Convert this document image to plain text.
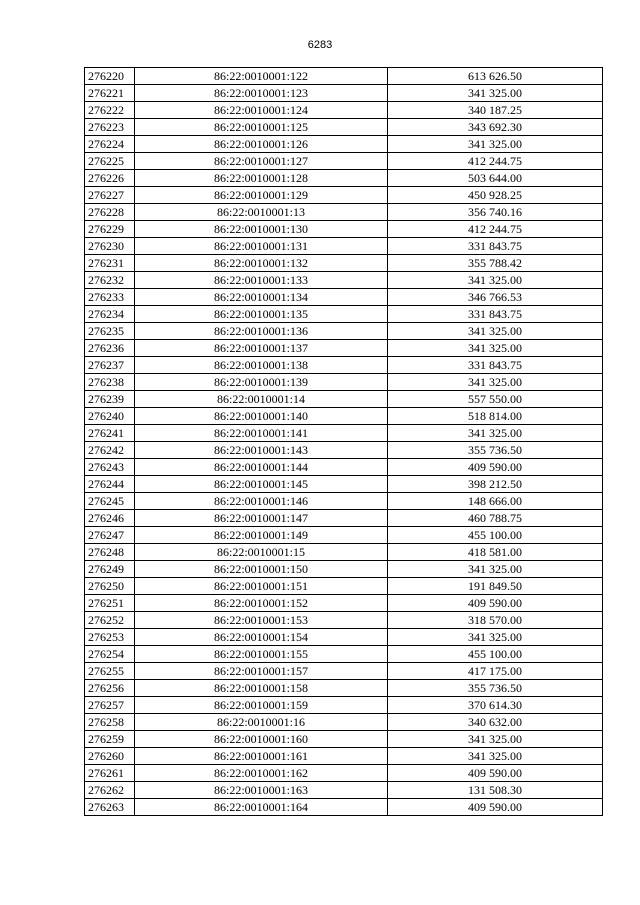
6283
276220	86:22:0010001:122	613 626.50
276221	86:22:0010001:123	341 325.00
276222	86:22:0010001:124	340 187.25
276223	86:22:0010001:125	343 692.30
276224	86:22:0010001:126	341 325.00
276225	86:22:0010001:127	412 244.75
276226	86:22:0010001:128	503 644.00
276227	86:22:0010001:129	450 928.25
276228	86:22:0010001:13	356 740.16
276229	86:22:0010001:130	412 244.75
276230	86:22:0010001:131	331 843.75
276231	86:22:0010001:132	355 788.42
276232	86:22:0010001:133	341 325.00
276233	86:22:0010001:134	346 766.53
276234	86:22:0010001:135	331 843.75
276235	86:22:0010001:136	341 325.00
276236	86:22:0010001:137	341 325.00
276237	86:22:0010001:138	331 843.75
276238	86:22:0010001:139	341 325.00
276239	86:22:0010001:14	557 550.00
276240	86:22:0010001:140	518 814.00
276241	86:22:0010001:141	341 325.00
276242	86:22:0010001:143	355 736.50
276243	86:22:0010001:144	409 590.00
276244	86:22:0010001:145	398 212.50
276245	86:22:0010001:146	148 666.00
276246	86:22:0010001:147	460 788.75
276247	86:22:0010001:149	455 100.00
276248	86:22:0010001:15	418 581.00
276249	86:22:0010001:150	341 325.00
276250	86:22:0010001:151	191 849.50
276251	86:22:0010001:152	409 590.00
276252	86:22:0010001:153	318 570.00
276253	86:22:0010001:154	341 325.00
276254	86:22:0010001:155	455 100.00
276255	86:22:0010001:157	417 175.00
276256	86:22:0010001:158	355 736.50
276257	86:22:0010001:159	370 614.30
276258	86:22:0010001:16	340 632.00
276259	86:22:0010001:160	341 325.00
276260	86:22:0010001:161	341 325.00
276261	86:22:0010001:162	409 590.00
276262	86:22:0010001:163	131 508.30
276263	86:22:0010001:164	409 590.00
